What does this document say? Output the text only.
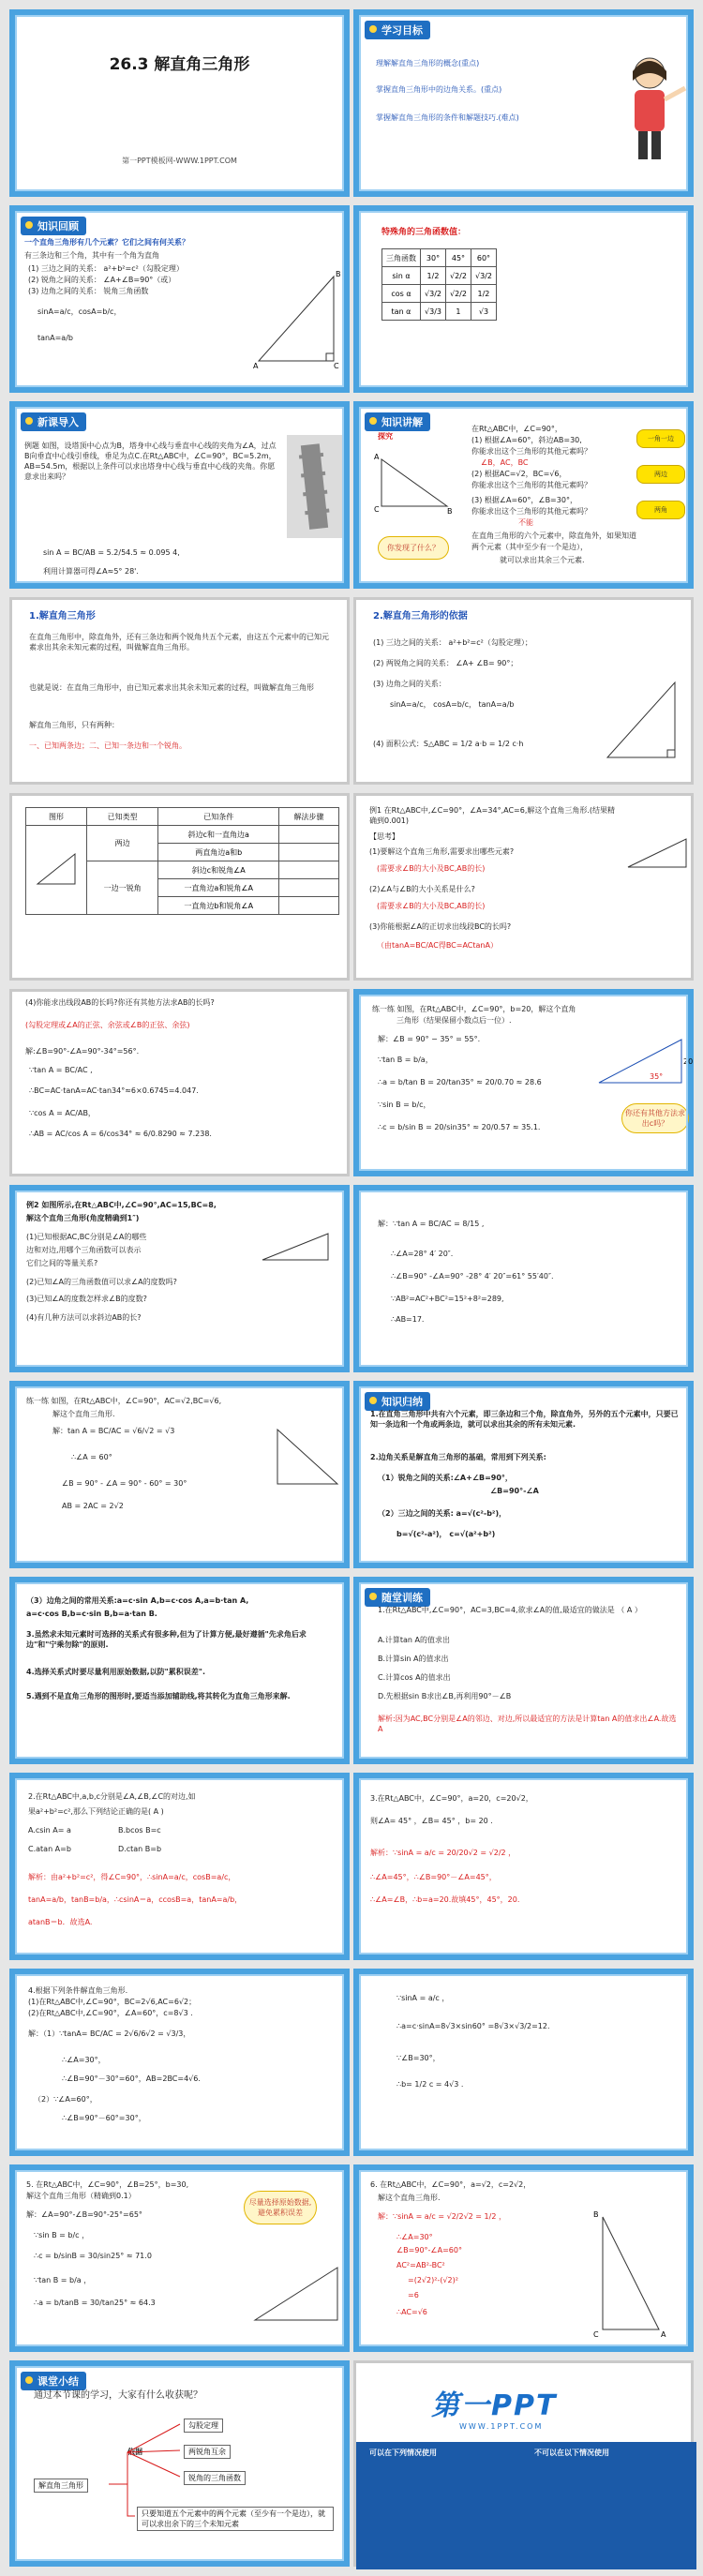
26.3 解直角三角形
第一PPT模板网-WWW.1PPT.COM
学习目标
理解解直角三角形的概念(重点)
掌握直角三角形中的边角关系。(重点)
掌握解直角三角形的条件和解题技巧.(难点)
知识回顾
一个直角三角形有几个元素？它们之间有何关系？
有三条边和三个角，其中有一个角为直角
(1) 三边之间的关系： a²+b²=c²（勾股定理）
(2) 锐角之间的关系： ∠A+∠B=90°（或）
(3) 边角之间的关系： 锐角三角函数
sinA=a/c，cosA=b/c，
tanA=a/b
A	C
B
特殊角的三角函数值：
三角函数	30°	45°	60°
sin α	1/2	√2/2	√3/2
cos α	√3/2	√2/2	1/2
tan α	√3/3	1	√3
新课导入
例题 如图，设塔顶中心点为B，塔身中心线与垂直中心线的夹角为∠A，过点B向垂直中心线引垂线，垂足为点C.在Rt△ABC中，∠C=90°，BC=5.2m，AB=54.5m，根据以上条件可以求出塔身中心线与垂直中心线的夹角。你愿意求出来吗？
sin A = BC/AB = 5.2/54.5 ≈ 0.095 4,
利用计算器可得∠A≈5° 28'.
知识讲解
探究
在Rt△ABC中，∠C=90°，
(1) 根据∠A=60°，斜边AB=30,
你能求出这个三角形的其他元素吗？
∠B，AC，BC
(2) 根据AC=√2，BC=√6，
你能求出这个三角形的其他元素吗？
(3) 根据∠A=60°，∠B=30°，
你能求出这个三角形的其他元素吗？
不能
在直角三角形的六个元素中，除直角外，如果知道
两个元素（其中至少有一个是边），
就可以求出其余三个元素.
C	B
A
你发现了什么？
一角一边
两边
两角
1.解直角三角形
在直角三角形中，除直角外，还有三条边和两个锐角共五个元素，由这五个元素中的已知元素求出其余未知元素的过程，叫做解直角三角形。
也就是说：在直角三角形中，由已知元素求出其余未知元素的过程，叫做解直角三角形
解直角三角形，只有两种：
一、已知两条边；二、已知一条边和一个锐角。
2.解直角三角形的依据
(1) 三边之间的关系： a²+b²=c²（勾股定理）；
(2) 两锐角之间的关系： ∠A+ ∠B= 90°；
(3) 边角之间的关系：
sinA=a/c， cosA=b/c， tanA=a/b
(4) 面积公式：S△ABC = 1/2 a·b = 1/2 c·h
图形	已知类型	已知条件	解法步骤
	两边	斜边c和一直角边a	
		两直角边a和b	
	一边一锐角	斜边c和锐角∠A	
		一直角边a和锐角∠A	
		一直角边b和锐角∠A	
例1 在Rt△ABC中,∠C=90°，∠A=34°,AC=6,解这个直角三角形.(结果精确到0.001)
【思考】
(1)要解这个直角三角形,需要求出哪些元素?
(需要求∠B的大小及BC,AB的长)
(2)∠A与∠B的大小关系是什么?
(需要求∠B的大小及BC,AB的长)
(3)你能根据∠A的正切求出线段BC的长吗?
（由tanA=BC/AC得BC=ACtanA）
(4)你能求出线段AB的长吗?你还有其他方法求AB的长吗?
(勾股定理或∠A的正弦、余弦或∠B的正弦、余弦)
解:∠B=90°-∠A=90°-34°=56°.
∵tan A = BC/AC ,
∴BC=AC·tanA=AC·tan34°≈6×0.6745=4.047.
∵cos A = AC/AB，
∴AB = AC/cos A = 6/cos34° ≈ 6/0.8290 ≈ 7.238.
练一练 如图，在Rt△ABC中，∠C=90°，b=20，解这个直角
三角形（结果保留小数点后一位）.
解：∠B = 90° − 35° = 55°.
∵tan B = b/a，
∴a = b/tan B = 20/tan35° ≈ 20/0.70 ≈ 28.6
∵sin B = b/c，
∴c = b/sin B = 20/sin35° ≈ 20/0.57 ≈ 35.1.
35°
20
你还有其他方法求出c吗？
例2 如图所示,在Rt△ABC中,∠C=90°,AC=15,BC=8,
解这个直角三角形(角度精确到1″)
(1)已知根据AC,BC分别是∠A的哪些
边和对边,用哪个三角函数可以表示
它们之间的等量关系?
(2)已知∠A的三角函数值可以求∠A的度数吗?
(3)已知∠A的度数怎样求∠B的度数?
(4)有几种方法可以求斜边AB的长?
解：∵tan A = BC/AC = 8/15 ,
∴∠A=28° 4′ 20″.
∴∠B=90° -∠A=90° -28° 4′ 20″=61° 55′40″.
∵AB²=AC²+BC²=15²+8²=289,
∴AB=17.
练一练 如图，在Rt△ABC中，∠C=90°，AC=√2,BC=√6,
解这个直角三角形.
解：tan A = BC/AC = √6/√2 = √3
∴∠A = 60°
∠B = 90° - ∠A = 90° - 60° = 30°
AB = 2AC = 2√2
知识归纳
1.在直角三角形中共有六个元素，即三条边和三个角，除直角外，另外的五个元素中，只要已知一条边和一个角或两条边，就可以求出其余的所有未知元素.
2.边角关系是解直角三角形的基础，常用到下列关系:
（1）锐角之间的关系:∠A+∠B=90°，
∠B=90°-∠A
（2）三边之间的关系: a=√(c²-b²)，
b=√(c²-a²)， c=√(a²+b²)
（3）边角之间的常用关系:a=c·sin A,b=c·cos A,a=b·tan A,
a=c·cos B,b=c·sin B,b=a·tan B.
3.虽然求未知元素时可选择的关系式有很多种,但为了计算方便,最好遵循"先求角后求边"和"宁乘勿除"的原则.
4.选择关系式时要尽量利用原始数据,以防"累积误差".
5.遇到不是直角三角形的图形时,要适当添加辅助线,将其转化为直角三角形来解.
随堂训练
1.在Rt△ABC中,∠C=90°，AC=3,BC=4,欲求∠A的值,最适宜的做法是 （ A ）
A.计算tan A的值求出
B.计算sin A的值求出
C.计算cos A的值求出
D.先根据sin B求出∠B,再利用90°－∠B
解析:因为AC,BC分别是∠A的邻边、对边,所以最适宜的方法是计算tan A的值求出∠A.故选A
2.在Rt△ABC中,a,b,c分别是∠A,∠B,∠C的对边,如
果a²+b²=c²,那么下列结论正确的是( A )
A.csin A= a	B.bcos B=c
C.atan A=b	D.ctan B=b
解析：由a²+b²=c²，得∠C=90°，∴sinA=a/c，cosB=a/c，
tanA=a/b，tanB=b/a，∴csinA＝a，ccosB=a，tanA=a/b，
atanB＝b．故选A.
3.在Rt△ABC中，∠C=90°，a=20，c=20√2，
则∠A= 45° ，∠B= 45° ，b= 20 .
解析：∵sinA = a/c = 20/20√2 = √2/2 ，
∴∠A=45°，∴∠B=90°－∠A=45°，
∴∠A=∠B，∴b=a=20.故填45°，45°，20.
4.根据下列条件解直角三角形.
(1)在Rt△ABC中,∠C=90°，BC=2√6,AC=6√2；
(2)在Rt△ABC中,∠C=90°，∠A=60°，c=8√3 .
解：（1）∵tanA= BC/AC = 2√6/6√2 = √3/3，
∴∠A=30°，
∴∠B=90°－30°=60°，AB=2BC=4√6.
（2）∵∠A=60°，
∴∠B=90°－60°=30°，
∵sinA = a/c ，
∴a=c·sinA=8√3×sin60° =8√3×√3/2=12.
∵∠B=30°，
∴b= 1/2 c = 4√3 .
5. 在Rt△ABC中，∠C=90°，∠B=25°，b=30,
解这个直角三角形（精确到0.1）
解：∠A=90°-∠B=90°-25°=65°
∵sin B = b/c ，
∴c = b/sinB = 30/sin25° ≈ 71.0
∵tan B = b/a ，
∴a = b/tanB = 30/tan25° ≈ 64.3
尽量选择原始数据,避免累积误差
6. 在Rt△ABC中，∠C=90°，a=√2，c=2√2，
解这个直角三角形.
解：∵sinA = a/c = √2/2√2 = 1/2 ，
∴∠A=30°
∠B=90°-∠A=60°
AC²=AB²-BC²
=(2√2)²-(√2)²
=6
∴AC=√6
B
C	A
课堂小结
通过本节课的学习，大家有什么收获呢？
解直角三角形
依据
勾股定理
两锐角互余
锐角的三角函数
只要知道五个元素中的两个元素（至少有一个是边），就可以求出余下的三个未知元素
第一PPT
WWW.1PPT.COM
可以在下列情况使用	不可以在以下情况使用
